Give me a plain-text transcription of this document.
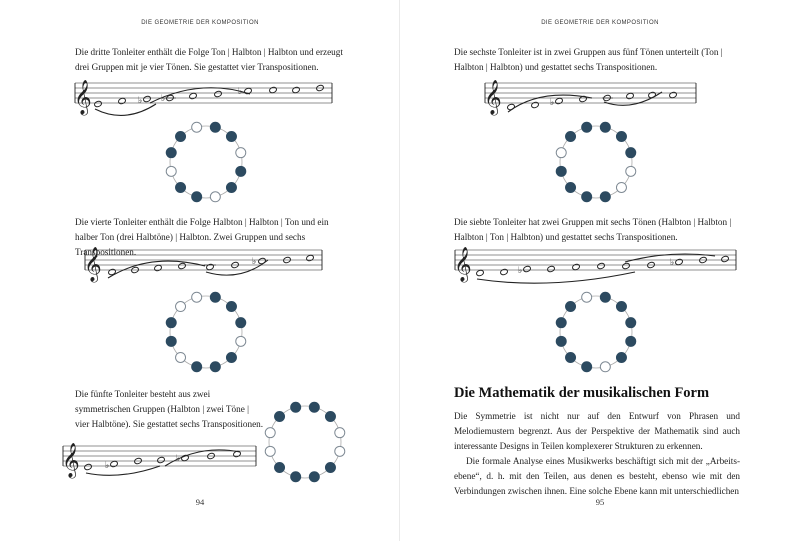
DIE GEOMETRIE DER KOMPOSITION

Die dritte Tonleiter enthält die Folge Ton | Halbton | Halbton und erzeugt drei Gruppen mit je vier Tönen. Sie gestattet vier Transpositionen.

𝄞	♭ ♭
♭

Die vierte Tonleiter enthält die Folge Halbton | Halbton | Ton und ein halber Ton (drei Halbtöne) | Halbton. Zwei Gruppen und sechs Transpositionen.

𝄞	♭

Die fünfte Tonleiter besteht aus zwei symmetrischen Gruppen (Halbton | zwei Töne | vier Halbtöne). Sie gestattet sechs Transpositionen.

𝄞	♭
♭
94
DIE GEOMETRIE DER KOMPOSITION

Die sechste Tonleiter ist in zwei Gruppen aus fünf Tönen unterteilt (Ton | Halbton | Halbton) und gestattet sechs Transpositionen.

𝄞	♭

Die siebte Tonleiter hat zwei Gruppen mit sechs Tönen (Halbton | Halbton | Halbton | Ton | Halbton) und gestattet sechs Transpositionen.

𝄞	♭
♭
Die Mathematik der musikalischen Form

Die Symmetrie ist nicht nur auf den Entwurf von Phrasen und Melodiemustern begrenzt. Aus der Perspektive der Mathematik sind auch interessante Designs in Teilen komplexerer Strukturen zu erkennen.

Die formale Analyse eines Musikwerks beschäftigt sich mit der „Arbeitsebene“, d. h. mit den Teilen, aus denen es besteht, ebenso wie mit den Verbindungen zwischen ihnen. Eine solche Ebene kann mit unterschiedlichen

95
